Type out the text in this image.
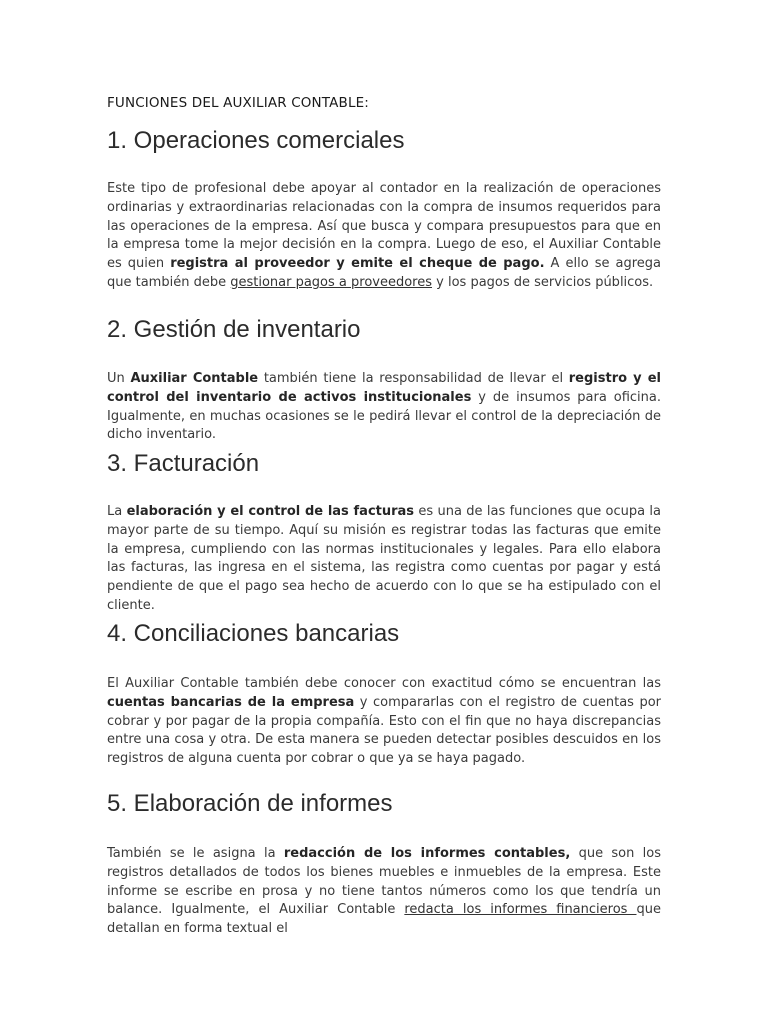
FUNCIONES DEL AUXILIAR CONTABLE:
1. Operaciones comerciales

Este tipo de profesional debe apoyar al contador en la realización de operaciones ordinarias y extraordinarias relacionadas con la compra de insumos requeridos para las operaciones de la empresa. Así que busca y compara presupuestos para que en la empresa tome la mejor decisión en la compra. Luego de eso, el Auxiliar Contable es quien registra al proveedor y emite el cheque de pago. A ello se agrega que también debe gestionar pagos a proveedores y los pagos de servicios públicos.

2. Gestión de inventario

Un Auxiliar Contable también tiene la responsabilidad de llevar el registro y el control del inventario de activos institucionales y de insumos para oficina. Igualmente, en muchas ocasiones se le pedirá llevar el control de la depreciación de dicho inventario.

3. Facturación

La elaboración y el control de las facturas es una de las funciones que ocupa la mayor parte de su tiempo. Aquí su misión es registrar todas las facturas que emite la empresa, cumpliendo con las normas institucionales y legales. Para ello elabora las facturas, las ingresa en el sistema, las registra como cuentas por pagar y está pendiente de que el pago sea hecho de acuerdo con lo que se ha estipulado con el cliente.

4. Conciliaciones bancarias

El Auxiliar Contable también debe conocer con exactitud cómo se encuentran las cuentas bancarias de la empresa y compararlas con el registro de cuentas por cobrar y por pagar de la propia compañía. Esto con el fin que no haya discrepancias entre una cosa y otra. De esta manera se pueden detectar posibles descuidos en los registros de alguna cuenta por cobrar o que ya se haya pagado.

5. Elaboración de informes

También se le asigna la redacción de los informes contables, que son los registros detallados de todos los bienes muebles e inmuebles de la empresa. Este informe se escribe en prosa y no tiene tantos números como los que tendría un balance. Igualmente, el Auxiliar Contable redacta los informes financieros que detallan en forma textual el
